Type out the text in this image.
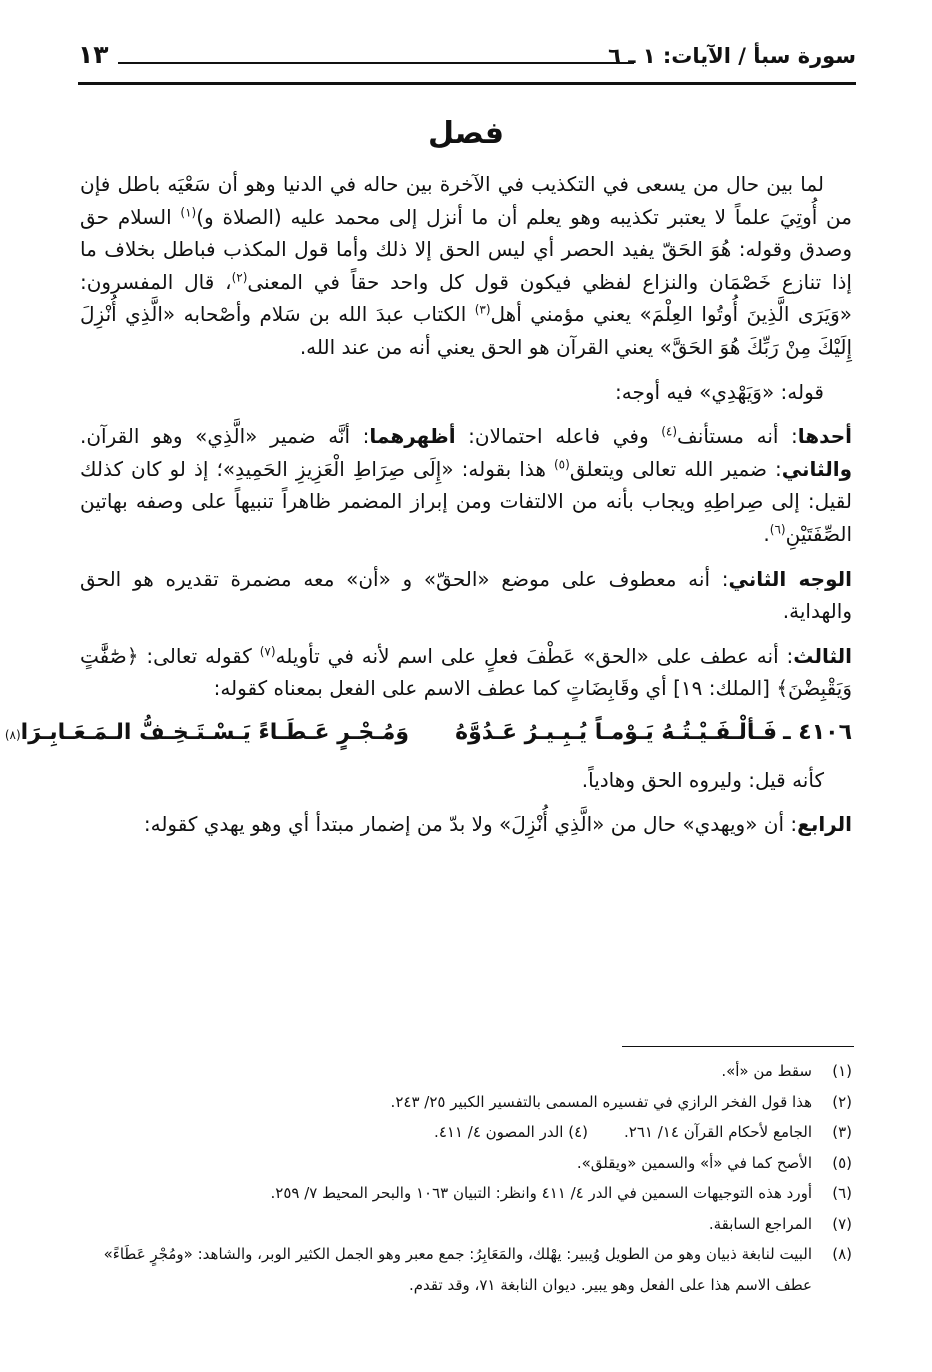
سورة سبأ / الآيات: ١ ـ ٦
١٣
فصل

لما بين حال من يسعى في التكذيب في الآخرة بين حاله في الدنيا وهو أن سَعْيَه باطل فإن من أُوتِيَ علماً لا يعتبر تكذيبه وهو يعلم أن ما أنزل إلى محمد عليه (الصلاة و)$^{(١)}$ السلام حق وصدق وقوله: هُوَ الحَقّ يفيد الحصر أي ليس الحق إلا ذلك وأما قول المكذب فباطل بخلاف ما إذا تنازع خَصْمَان والنزاع لفظي فيكون قول كل واحد حقاً في المعنى$^{(٢)}$، قال المفسرون: «وَيَرَى الَّذِينَ أُوتُوا العِلْمَ» يعني مؤمني أهل$^{(٣)}$ الكتاب عبدَ الله بن سَلام وأصْحابه «الَّذِي أُنْزِلَ إِلَيْكَ مِنْ رَبِّكَ هُوَ الحَقَّ» يعني القرآن هو الحق يعني أنه من عند الله.

قوله: «وَيَهْدِي» فيه أوجه:

أحدها: أنه مستأنف$^{(٤)}$ وفي فاعله احتمالان: أظهرهما: أنَّه ضمير «الَّذِي» وهو القرآن. والثاني: ضمير الله تعالى ويتعلق$^{(٥)}$ هذا بقوله: «إِلَى صِرَاطِ الْعَزِيزِ الحَمِيدِ»؛ إذ لو كان كذلك لقيل: إلى صِراطِهِ ويجاب بأنه من الالتفات ومن إبراز المضمر ظاهراً تنبيهاً على وصفه بهاتين الصِّفَتَيْنِ$^{(٦)}$.

الوجه الثاني: أنه معطوف على موضع «الحقّ» و «أن» معه مضمرة تقديره هو الحق والهداية.

الثالث: أنه عطف على «الحق» عَطْفَ فعلٍ على اسم لأنه في تأويله$^{(٧)}$ كقوله تعالى: ﴿صَٰٓفَّٰتٍ وَيَقْبِضْنَ﴾ [الملك: ١٩] أي وقَابِضَاتٍ كما عطف الاسم على الفعل بمعناه كقوله:

٤١٠٦ ـ
فَـألْـفَـيْـتُـهُ يَـوْمـاً يُـبِـيـرُ عَـدُوَّهُ
وَمُـجْـرٍ عَـطَـاءً يَـسْـتَـخِـفُّ الـمَـعَـابِـرَا
(٨)

كأنه قيل: وليروه الحق وهادياً.

الرابع: أن «ويهدي» حال من «الَّذِي أُنْزِلَ» ولا بدّ من إضمار مبتدأ أي وهو يهدي كقوله:

(١)
سقط من «أ».
(٢)
هذا قول الفخر الرازي في تفسيره المسمى بالتفسير الكبير ٢٥/ ٢٤٣.
(٣)
الجامع لأحكام القرآن ١٤/ ٢٦١.(٤) الدر المصون ٤/ ٤١١.
(٥)
الأصح كما في «أ» والسمين «ويقلق».
(٦)
أورد هذه التوجيهات السمين في الدر ٤/ ٤١١ وانظر: التبيان ١٠٦٣ والبحر المحيط ٧/ ٢٥٩.
(٧)
المراجع السابقة.
(٨)
البيت لنابغة ذبيان وهو من الطويل وُيبير: يهْلك، والمَعَابِرُ: جمع معبر وهو الجمل الكثير الوبر، والشاهد: «ومُجْرٍ عَطَاءً» عطف الاسم هذا على الفعل وهو يبير. ديوان النابغة ٧١، وقد تقدم.
